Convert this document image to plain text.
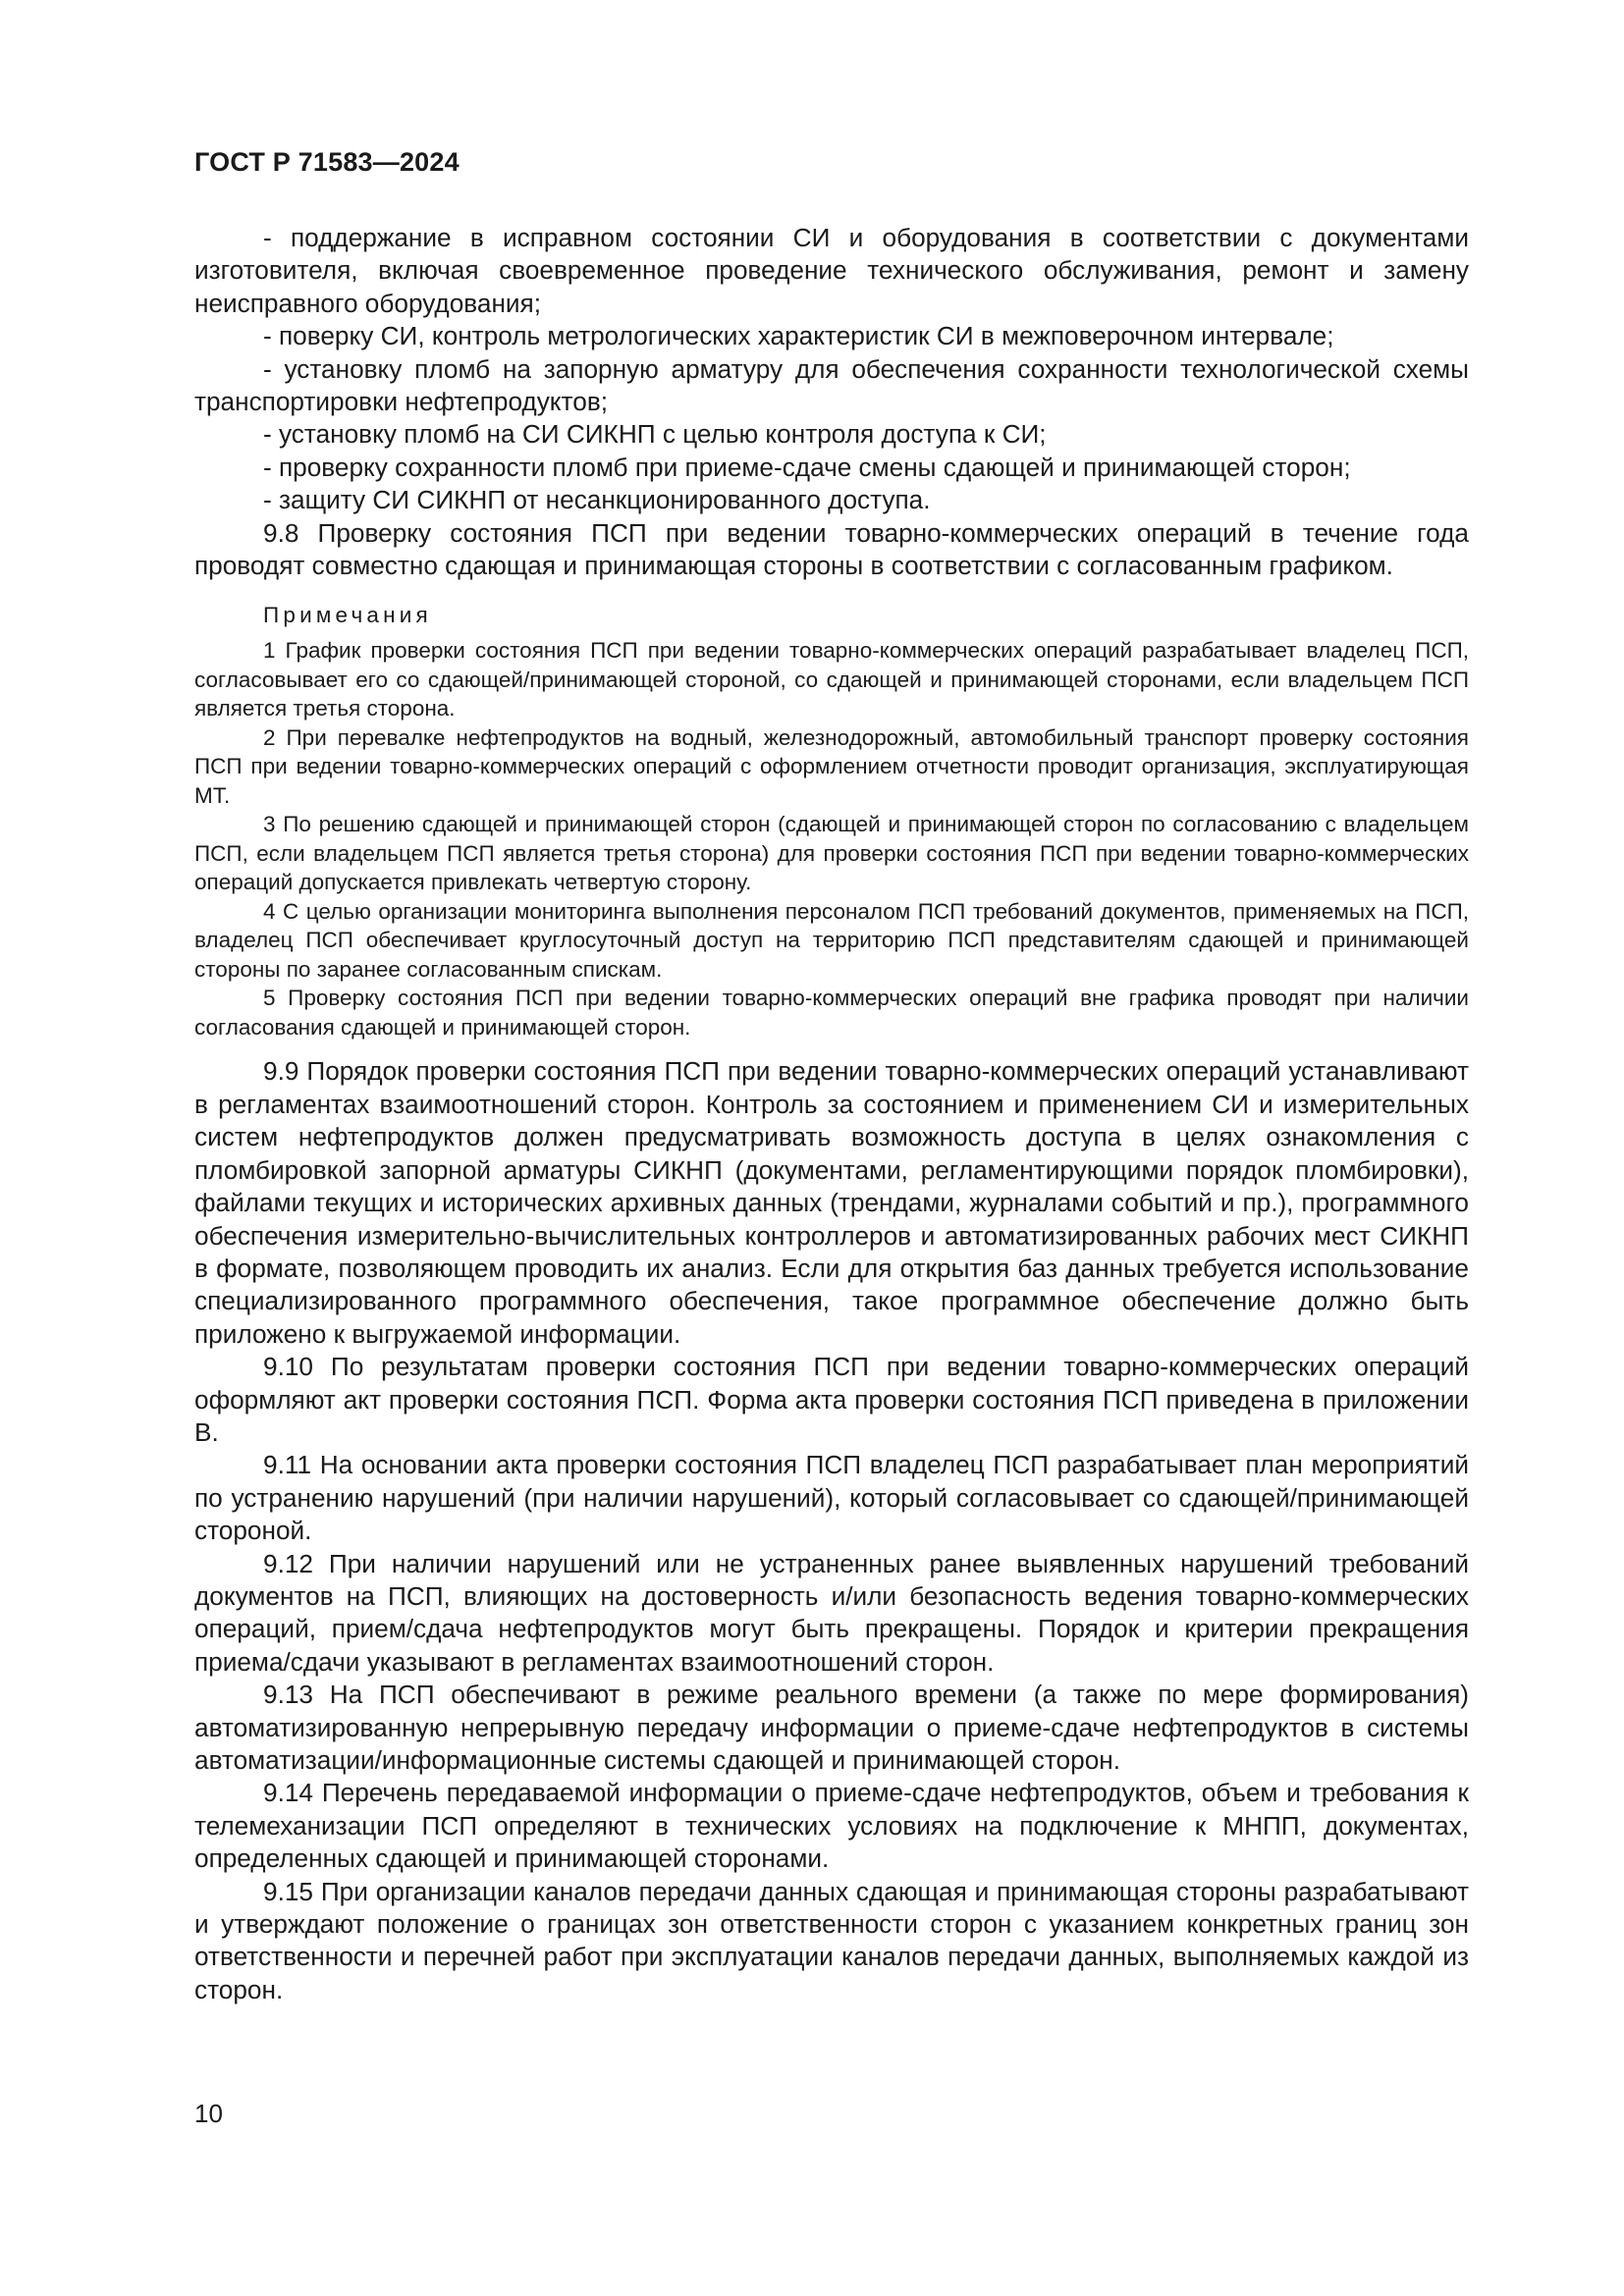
ГОСТ Р 71583—2024

- поддержание в исправном состоянии СИ и оборудования в соответствии с документами изготовителя, включая своевременное проведение технического обслуживания, ремонт и замену неисправного оборудования;

- поверку СИ, контроль метрологических характеристик СИ в межповерочном интервале;

- установку пломб на запорную арматуру для обеспечения сохранности технологической схемы транспортировки нефтепродуктов;

- установку пломб на СИ СИКНП с целью контроля доступа к СИ;

- проверку сохранности пломб при приеме-сдаче смены сдающей и принимающей сторон;

- защиту СИ СИКНП от несанкционированного доступа.

9.8 Проверку состояния ПСП при ведении товарно-коммерческих операций в течение года проводят совместно сдающая и принимающая стороны в соответствии с согласованным графиком.

Примечания

1 График проверки состояния ПСП при ведении товарно-коммерческих операций разрабатывает владелец ПСП, согласовывает его со сдающей/принимающей стороной, со сдающей и принимающей сторонами, если владельцем ПСП является третья сторона.

2 При перевалке нефтепродуктов на водный, железнодорожный, автомобильный транспорт проверку состояния ПСП при ведении товарно-коммерческих операций с оформлением отчетности проводит организация, эксплуатирующая МТ.

3 По решению сдающей и принимающей сторон (сдающей и принимающей сторон по согласованию с владельцем ПСП, если владельцем ПСП является третья сторона) для проверки состояния ПСП при ведении товарно-коммерческих операций допускается привлекать четвертую сторону.

4 С целью организации мониторинга выполнения персоналом ПСП требований документов, применяемых на ПСП, владелец ПСП обеспечивает круглосуточный доступ на территорию ПСП представителям сдающей и принимающей стороны по заранее согласованным спискам.

5 Проверку состояния ПСП при ведении товарно-коммерческих операций вне графика проводят при наличии согласования сдающей и принимающей сторон.

9.9 Порядок проверки состояния ПСП при ведении товарно-коммерческих операций устанавливают в регламентах взаимоотношений сторон. Контроль за состоянием и применением СИ и измерительных систем нефтепродуктов должен предусматривать возможность доступа в целях ознакомления с пломбировкой запорной арматуры СИКНП (документами, регламентирующими порядок пломбировки), файлами текущих и исторических архивных данных (трендами, журналами событий и пр.), программного обеспечения измерительно-вычислительных контроллеров и автоматизированных рабочих мест СИКНП в формате, позволяющем проводить их анализ. Если для открытия баз данных требуется использование специализированного программного обеспечения, такое программное обеспечение должно быть приложено к выгружаемой информации.

9.10 По результатам проверки состояния ПСП при ведении товарно-коммерческих операций оформляют акт проверки состояния ПСП. Форма акта проверки состояния ПСП приведена в приложении В.

9.11 На основании акта проверки состояния ПСП владелец ПСП разрабатывает план мероприятий по устранению нарушений (при наличии нарушений), который согласовывает со сдающей/принимающей стороной.

9.12 При наличии нарушений или не устраненных ранее выявленных нарушений требований документов на ПСП, влияющих на достоверность и/или безопасность ведения товарно-коммерческих операций, прием/сдача нефтепродуктов могут быть прекращены. Порядок и критерии прекращения приема/сдачи указывают в регламентах взаимоотношений сторон.

9.13 На ПСП обеспечивают в режиме реального времени (а также по мере формирования) автоматизированную непрерывную передачу информации о приеме-сдаче нефтепродуктов в системы автоматизации/информационные системы сдающей и принимающей сторон.

9.14 Перечень передаваемой информации о приеме-сдаче нефтепродуктов, объем и требования к телемеханизации ПСП определяют в технических условиях на подключение к МНПП, документах, определенных сдающей и принимающей сторонами.

9.15 При организации каналов передачи данных сдающая и принимающая стороны разрабатывают и утверждают положение о границах зон ответственности сторон с указанием конкретных границ зон ответственности и перечней работ при эксплуатации каналов передачи данных, выполняемых каждой из сторон.

10
